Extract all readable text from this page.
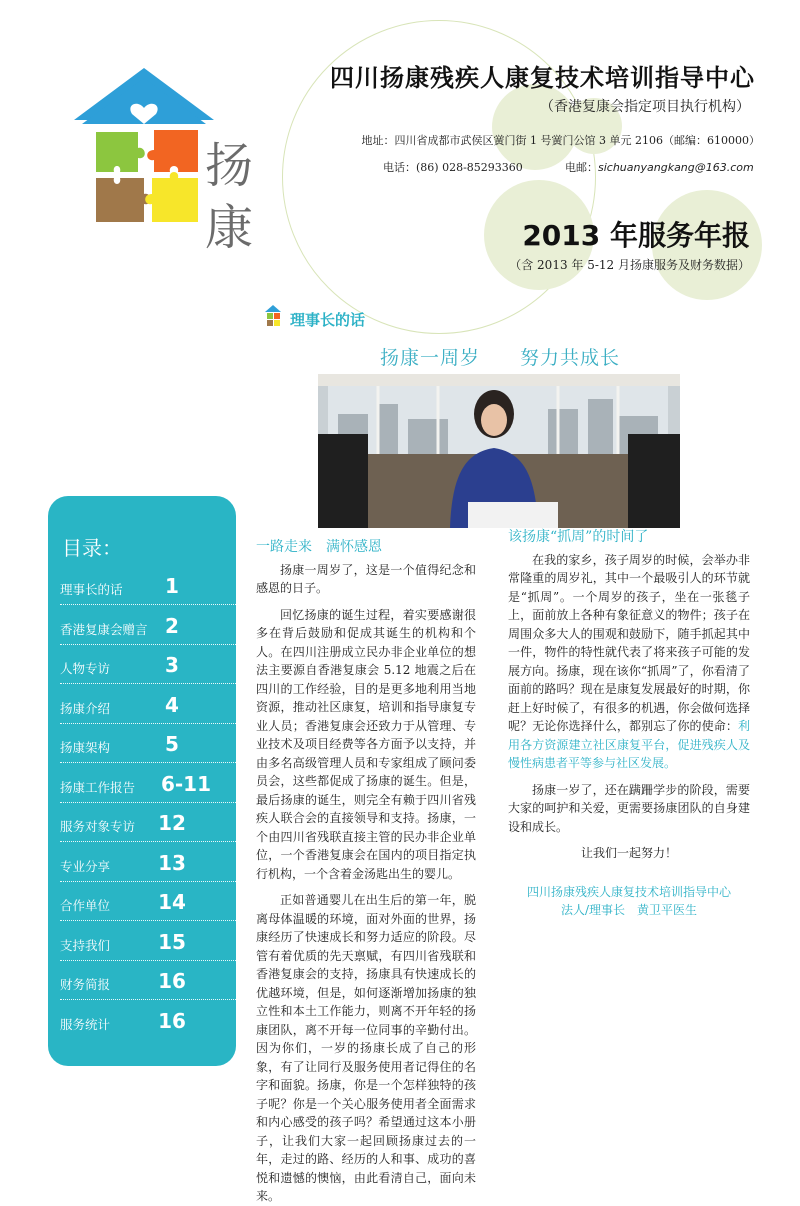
扬
康
四川扬康残疾人康复技术培训指导中心
（香港复康会指定项目执行机构）
地址：四川省成都市武侯区黉门街 1 号黉门公馆 3 单元 2106（邮编：610000）
电话：(86) 028-85293360	电邮：sichuanyangkang@163.com
2013 年服务年报
（含 2013 年 5-12 月扬康服务及财务数据）
理事长的话
扬康一周岁 努力共成长
目录：
理事长的话	1
香港复康会赠言 2
人物专访	3
扬康介绍	4
扬康架构	5
扬康工作报告 6-11
服务对象专访	12
专业分享	13
合作单位	14
支持我们	15
财务简报	16
服务统计	16
一路走来　满怀感恩

扬康一周岁了，这是一个值得纪念和感恩的日子。

回忆扬康的诞生过程，着实要感谢很多在背后鼓励和促成其诞生的机构和个人。在四川注册成立民办非企业单位的想法主要源自香港复康会 5.12 地震之后在四川的工作经验，目的是更多地利用当地资源，推动社区康复，培训和指导康复专业人员；香港复康会还致力于从管理、专业技术及项目经费等各方面予以支持，并由多名高级管理人员和专家组成了顾问委员会，这些都促成了扬康的诞生。但是，最后扬康的诞生，则完全有赖于四川省残疾人联合会的直接领导和支持。扬康，一个由四川省残联直接主管的民办非企业单位，一个香港复康会在国内的项目指定执行机构，一个含着金汤匙出生的婴儿。

正如普通婴儿在出生后的第一年，脱离母体温暖的环境，面对外面的世界，扬康经历了快速成长和努力适应的阶段。尽管有着优质的先天禀赋，有四川省残联和香港复康会的支持，扬康具有快速成长的优越环境，但是，如何逐渐增加扬康的独立性和本土工作能力，则离不开年轻的扬康团队，离不开每一位同事的辛勤付出。因为你们，一岁的扬康长成了自己的形象，有了让同行及服务使用者记得住的名字和面貌。扬康，你是一个怎样独特的孩子呢？你是一个关心服务使用者全面需求和内心感受的孩子吗？希望通过这本小册子，让我们大家一起回顾扬康过去的一年，走过的路、经历的人和事、成功的喜悦和遗憾的懊恼，由此看清自己，面向未来。

该扬康“抓周”的时间了

在我的家乡，孩子周岁的时候，会举办非常隆重的周岁礼，其中一个最吸引人的环节就是“抓周”。一个周岁的孩子，坐在一张毯子上，面前放上各种有象征意义的物件；孩子在周围众多大人的围观和鼓励下，随手抓起其中一件，物件的特性就代表了将来孩子可能的发展方向。扬康，现在该你“抓周”了，你看清了面前的路吗？现在是康复发展最好的时期，你赶上好时候了，有很多的机遇，你会做何选择呢？无论你选择什么，都别忘了你的使命：利用各方资源建立社区康复平台，促进残疾人及慢性病患者平等参与社区发展。

扬康一岁了，还在蹒跚学步的阶段，需要大家的呵护和关爱，更需要扬康团队的自身建设和成长。

让我们一起努力！

四川扬康残疾人康复技术培训指导中心
法人/理事长　黄卫平医生
